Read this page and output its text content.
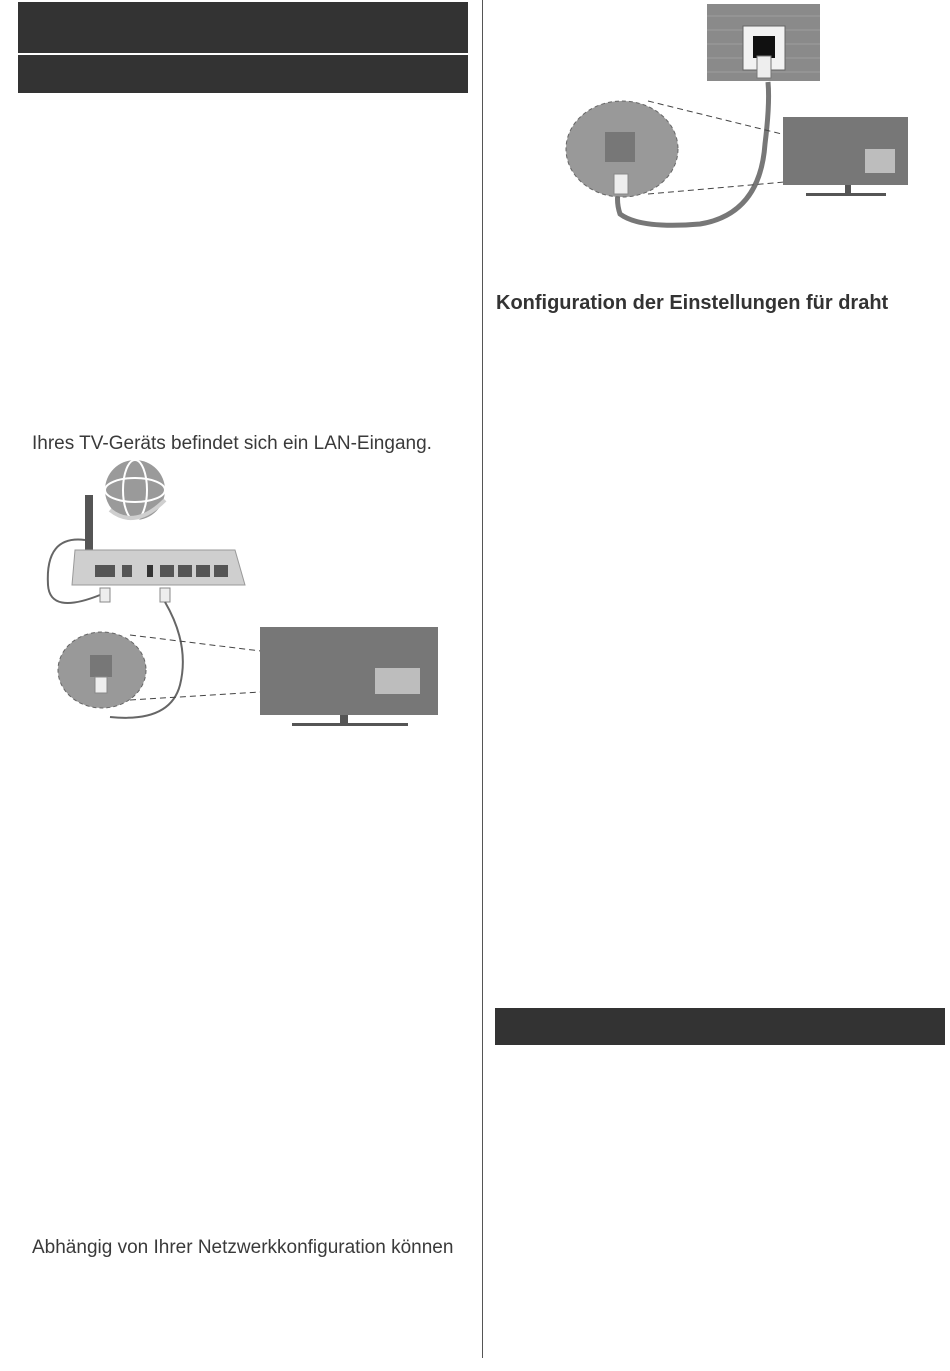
Ihres TV-Geräts befindet sich ein LAN-Eingang.
Abhängig von Ihrer Netzwerkkonfiguration können
Konfiguration der Einstellungen für draht
